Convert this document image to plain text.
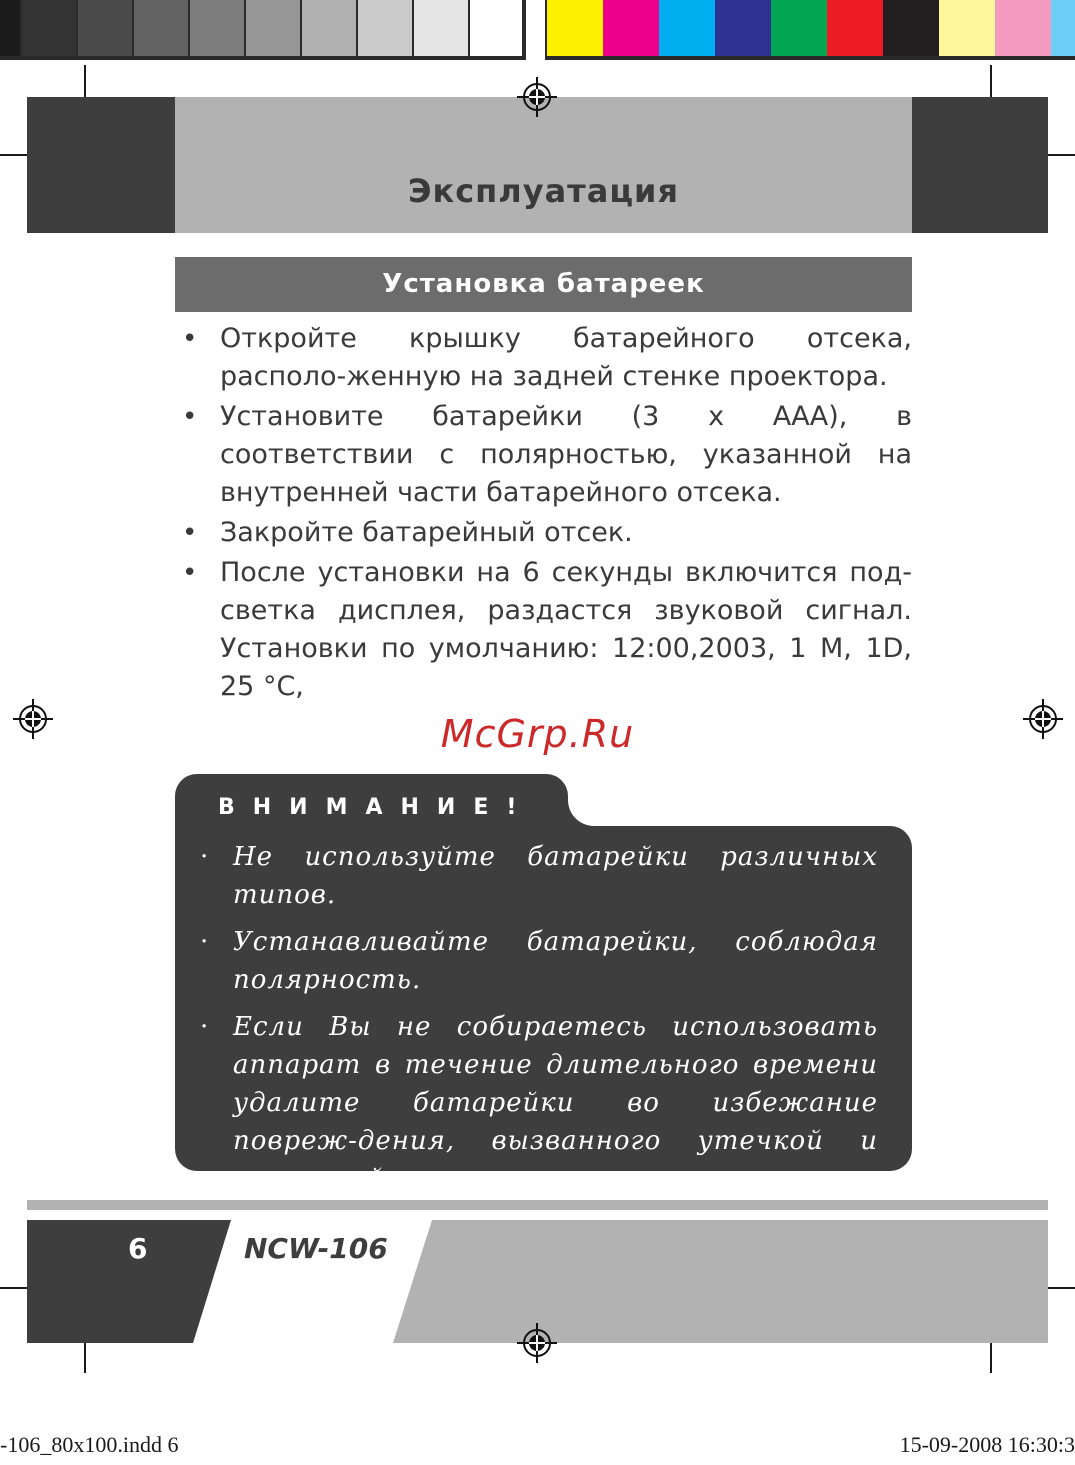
Эксплуатация
Установка батареек
• Откройте крышку батарейного отсека, располо-женную на задней стенке проектора.
• Установите батарейки (3 х ААА), в соответствии с полярностью, указанной на внутренней части батарейного отсека.
• Закройте батарейный отсек.
• После установки на 6 секунды включится под-светка дисплея, раздастся звуковой сигнал. Установки по умолчанию: 12:00,2003, 1 M, 1D, 25 °C,
McGrp.Ru
ВНИМАНИЕ!
· Не используйте батарейки различных типов.
· Устанавливайте батарейки, соблюдая полярность.
· Если Вы не собираетесь использовать аппарат в течение длительного времени удалите батарейки во избежание повреж-дения, вызванного утечкой и коррозией.
6	NCW-106
-106_80x100.indd 6	15-09-2008 16:30:3
